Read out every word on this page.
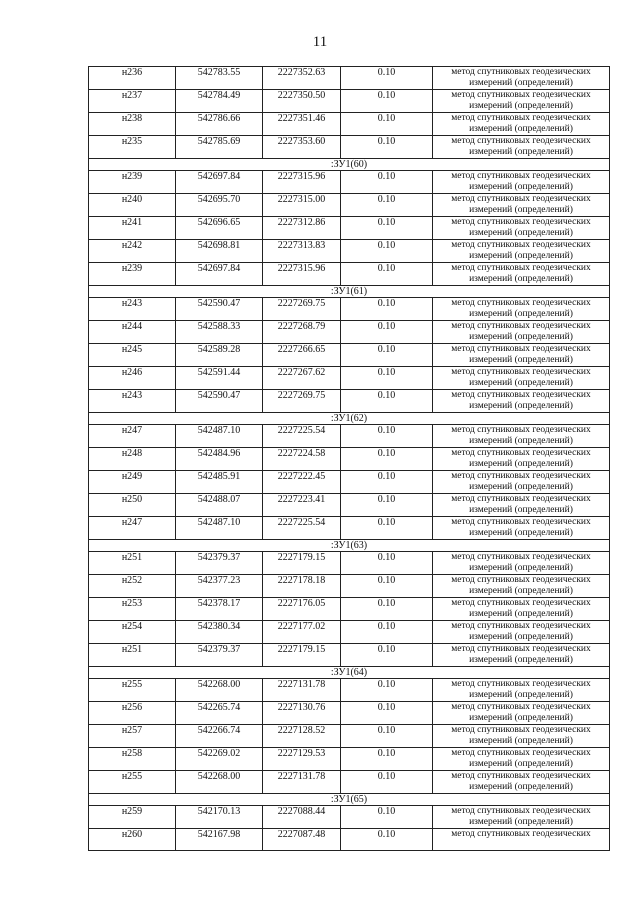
11
н236	542783.55	2227352.63	0.10	метод спутниковых геодезических измерений (определений)
н237	542784.49	2227350.50	0.10	метод спутниковых геодезических измерений (определений)
н238	542786.66	2227351.46	0.10	метод спутниковых геодезических измерений (определений)
н235	542785.69	2227353.60	0.10	метод спутниковых геодезических измерений (определений)
:ЗУ1(60)				
н239	542697.84	2227315.96	0.10	метод спутниковых геодезических измерений (определений)
н240	542695.70	2227315.00	0.10	метод спутниковых геодезических измерений (определений)
н241	542696.65	2227312.86	0.10	метод спутниковых геодезических измерений (определений)
н242	542698.81	2227313.83	0.10	метод спутниковых геодезических измерений (определений)
н239	542697.84	2227315.96	0.10	метод спутниковых геодезических измерений (определений)
:ЗУ1(61)				
н243	542590.47	2227269.75	0.10	метод спутниковых геодезических измерений (определений)
н244	542588.33	2227268.79	0.10	метод спутниковых геодезических измерений (определений)
н245	542589.28	2227266.65	0.10	метод спутниковых геодезических измерений (определений)
н246	542591.44	2227267.62	0.10	метод спутниковых геодезических измерений (определений)
н243	542590.47	2227269.75	0.10	метод спутниковых геодезических измерений (определений)
:ЗУ1(62)				
н247	542487.10	2227225.54	0.10	метод спутниковых геодезических измерений (определений)
н248	542484.96	2227224.58	0.10	метод спутниковых геодезических измерений (определений)
н249	542485.91	2227222.45	0.10	метод спутниковых геодезических измерений (определений)
н250	542488.07	2227223.41	0.10	метод спутниковых геодезических измерений (определений)
н247	542487.10	2227225.54	0.10	метод спутниковых геодезических измерений (определений)
:ЗУ1(63)				
н251	542379.37	2227179.15	0.10	метод спутниковых геодезических измерений (определений)
н252	542377.23	2227178.18	0.10	метод спутниковых геодезических измерений (определений)
н253	542378.17	2227176.05	0.10	метод спутниковых геодезических измерений (определений)
н254	542380.34	2227177.02	0.10	метод спутниковых геодезических измерений (определений)
н251	542379.37	2227179.15	0.10	метод спутниковых геодезических измерений (определений)
:ЗУ1(64)				
н255	542268.00	2227131.78	0.10	метод спутниковых геодезических измерений (определений)
н256	542265.74	2227130.76	0.10	метод спутниковых геодезических измерений (определений)
н257	542266.74	2227128.52	0.10	метод спутниковых геодезических измерений (определений)
н258	542269.02	2227129.53	0.10	метод спутниковых геодезических измерений (определений)
н255	542268.00	2227131.78	0.10	метод спутниковых геодезических измерений (определений)
:ЗУ1(65)				
н259	542170.13	2227088.44	0.10	метод спутниковых геодезических измерений (определений)
н260	542167.98	2227087.48	0.10	метод спутниковых геодезических
